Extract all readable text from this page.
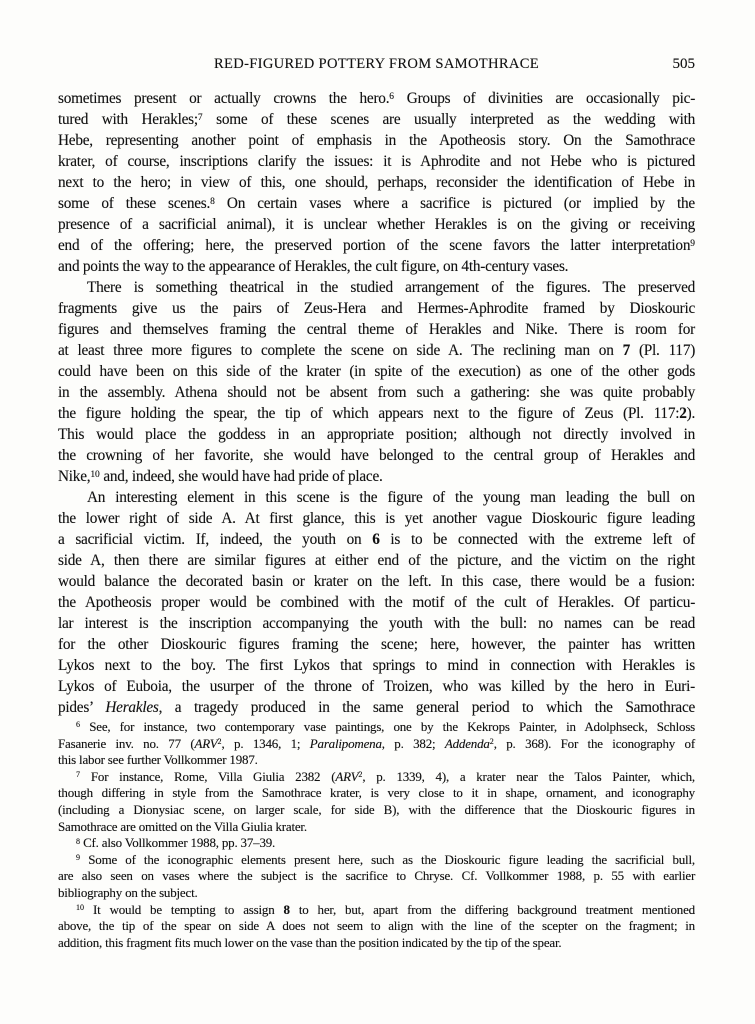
RED-FIGURED POTTERY FROM SAMOTHRACE	505
sometimes present or actually crowns the hero.$^6$ Groups of divinities are occasionally pic-
tured with Herakles;$^7$ some of these scenes are usually interpreted as the wedding with
Hebe, representing another point of emphasis in the Apotheosis story. On the Samothrace
krater, of course, inscriptions clarify the issues: it is Aphrodite and not Hebe who is pictured
next to the hero; in view of this, one should, perhaps, reconsider the identification of Hebe in
some of these scenes.$^8$ On certain vases where a sacrifice is pictured (or implied by the
presence of a sacrificial animal), it is unclear whether Herakles is on the giving or receiving
end of the offering; here, the preserved portion of the scene favors the latter interpretation$^9$
and points the way to the appearance of Herakles, the cult figure, on 4th-century vases.
There is something theatrical in the studied arrangement of the figures. The preserved
fragments give us the pairs of Zeus-Hera and Hermes-Aphrodite framed by Dioskouric
figures and themselves framing the central theme of Herakles and Nike. There is room for
at least three more figures to complete the scene on side A. The reclining man on 7 (Pl. 117)
could have been on this side of the krater (in spite of the execution) as one of the other gods
in the assembly. Athena should not be absent from such a gathering: she was quite probably
the figure holding the spear, the tip of which appears next to the figure of Zeus (Pl. 117:2).
This would place the goddess in an appropriate position; although not directly involved in
the crowning of her favorite, she would have belonged to the central group of Herakles and
Nike,$^{10}$ and, indeed, she would have had pride of place.
An interesting element in this scene is the figure of the young man leading the bull on
the lower right of side A. At first glance, this is yet another vague Dioskouric figure leading
a sacrificial victim. If, indeed, the youth on 6 is to be connected with the extreme left of
side A, then there are similar figures at either end of the picture, and the victim on the right
would balance the decorated basin or krater on the left. In this case, there would be a fusion:
the Apotheosis proper would be combined with the motif of the cult of Herakles. Of particu-
lar interest is the inscription accompanying the youth with the bull: no names can be read
for the other Dioskouric figures framing the scene; here, however, the painter has written
Lykos next to the boy. The first Lykos that springs to mind in connection with Herakles is
Lykos of Euboia, the usurper of the throne of Troizen, who was killed by the hero in Euri-
pides’ Herakles, a tragedy produced in the same general period to which the Samothrace
$^6$ See, for instance, two contemporary vase paintings, one by the Kekrops Painter, in Adolphseck, Schloss
Fasanerie inv. no. 77 (ARV$^2$, p. 1346, 1; Paralipomena, p. 382; Addenda$^2$, p. 368). For the iconography of
this labor see further Vollkommer 1987.
$^7$ For instance, Rome, Villa Giulia 2382 (ARV$^2$, p. 1339, 4), a krater near the Talos Painter, which,
though differing in style from the Samothrace krater, is very close to it in shape, ornament, and iconography
(including a Dionysiac scene, on larger scale, for side B), with the difference that the Dioskouric figures in
Samothrace are omitted on the Villa Giulia krater.
$^8$ Cf. also Vollkommer 1988, pp. 37–39.
$^9$ Some of the iconographic elements present here, such as the Dioskouric figure leading the sacrificial bull,
are also seen on vases where the subject is the sacrifice to Chryse. Cf. Vollkommer 1988, p. 55 with earlier
bibliography on the subject.
$^{10}$ It would be tempting to assign 8 to her, but, apart from the differing background treatment mentioned
above, the tip of the spear on side A does not seem to align with the line of the scepter on the fragment; in
addition, this fragment fits much lower on the vase than the position indicated by the tip of the spear.
